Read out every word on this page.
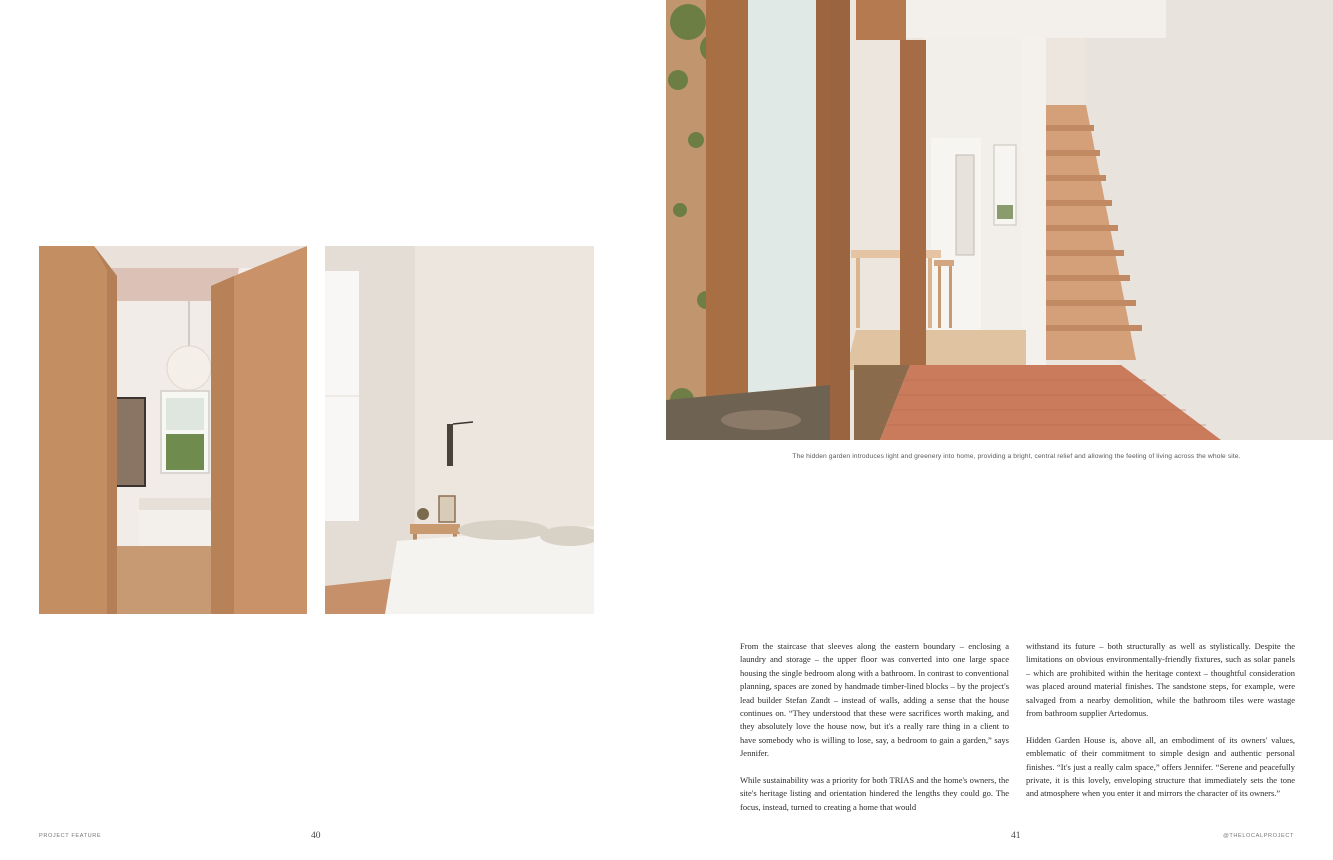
The hidden garden introduces light and greenery into home, providing a bright, central relief and allowing the feeling of living across the whole site.

From the staircase that sleeves along the eastern boundary – enclosing a laundry and storage – the upper floor was converted into one large space housing the single bedroom along with a bathroom. In contrast to conventional planning, spaces are zoned by handmade timber-lined blocks – by the project's lead builder Stefan Zandt – instead of walls, adding a sense that the house continues on. “They understood that these were sacrifices worth making, and they absolutely love the house now, but it's a really rare thing in a client to have somebody who is willing to lose, say, a bedroom to gain a garden,” says Jennifer.

While sustainability was a priority for both TRIAS and the home's owners, the site's heritage listing and orientation hindered the lengths they could go. The focus, instead, turned to creating a home that would

withstand its future – both structurally as well as stylistically. Despite the limitations on obvious environmentally-friendly fixtures, such as solar panels – which are prohibited within the heritage context – thoughtful consideration was placed around material finishes. The sandstone steps, for example, were salvaged from a nearby demolition, while the bathroom tiles were wastage from bathroom supplier Artedomus.

Hidden Garden House is, above all, an embodiment of its owners' values, emblematic of their commitment to simple design and authentic personal finishes. “It's just a really calm space,” offers Jennifer. “Serene and peacefully private, it is this lovely, enveloping structure that immediately sets the tone and atmosphere when you enter it and mirrors the character of its owners.”

PROJECT FEATURE	40	41	@THELOCALPROJECT
